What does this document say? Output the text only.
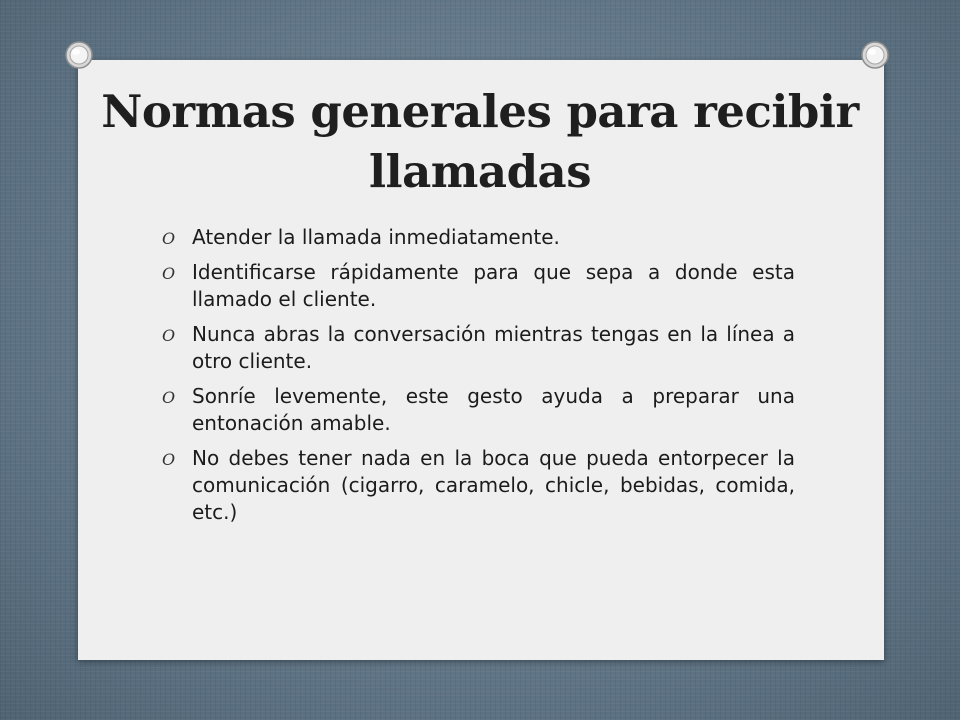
Normas generales para recibir llamadas
O Atender la llamada inmediatamente.
O Identificarse rápidamente para que sepa a donde esta llamado el cliente.
O Nunca abras la conversación mientras tengas en la línea a otro cliente.
O Sonríe levemente, este gesto ayuda a preparar una entonación amable.
O No debes tener nada en la boca que pueda entorpecer la comunicación (cigarro, caramelo, chicle, bebidas, comida, etc.)
